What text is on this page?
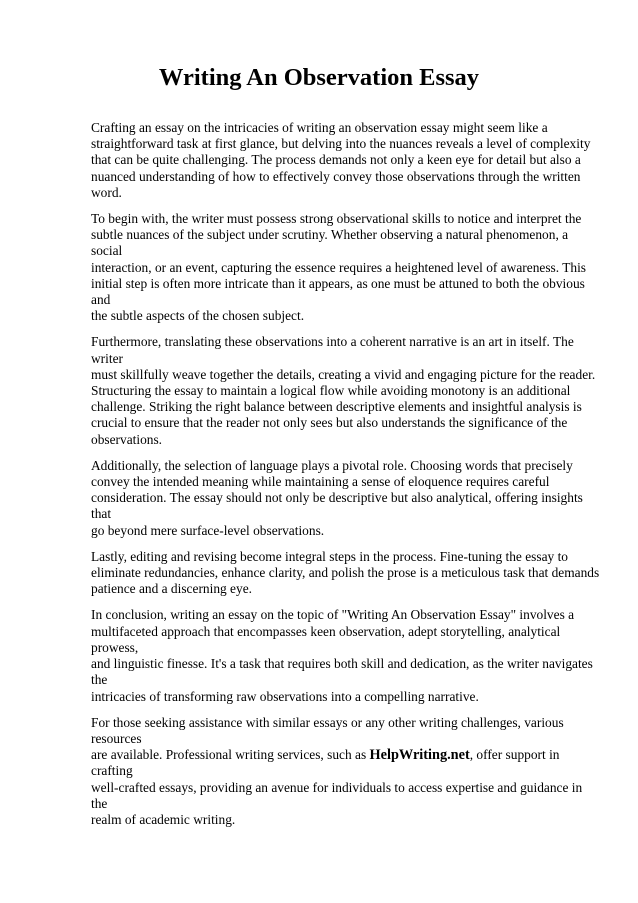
Writing An Observation Essay

Crafting an essay on the intricacies of writing an observation essay might seem like a
straightforward task at first glance, but delving into the nuances reveals a level of complexity
that can be quite challenging. The process demands not only a keen eye for detail but also a
nuanced understanding of how to effectively convey those observations through the written
word.

To begin with, the writer must possess strong observational skills to notice and interpret the
subtle nuances of the subject under scrutiny. Whether observing a natural phenomenon, a social
interaction, or an event, capturing the essence requires a heightened level of awareness. This
initial step is often more intricate than it appears, as one must be attuned to both the obvious and
the subtle aspects of the chosen subject.

Furthermore, translating these observations into a coherent narrative is an art in itself. The writer
must skillfully weave together the details, creating a vivid and engaging picture for the reader.
Structuring the essay to maintain a logical flow while avoiding monotony is an additional
challenge. Striking the right balance between descriptive elements and insightful analysis is
crucial to ensure that the reader not only sees but also understands the significance of the
observations.

Additionally, the selection of language plays a pivotal role. Choosing words that precisely
convey the intended meaning while maintaining a sense of eloquence requires careful
consideration. The essay should not only be descriptive but also analytical, offering insights that
go beyond mere surface-level observations.

Lastly, editing and revising become integral steps in the process. Fine-tuning the essay to
eliminate redundancies, enhance clarity, and polish the prose is a meticulous task that demands
patience and a discerning eye.

In conclusion, writing an essay on the topic of "Writing An Observation Essay" involves a
multifaceted approach that encompasses keen observation, adept storytelling, analytical prowess,
and linguistic finesse. It's a task that requires both skill and dedication, as the writer navigates the
intricacies of transforming raw observations into a compelling narrative.

For those seeking assistance with similar essays or any other writing challenges, various resources
are available. Professional writing services, such as HelpWriting.net, offer support in crafting
well-crafted essays, providing an avenue for individuals to access expertise and guidance in the
realm of academic writing.
